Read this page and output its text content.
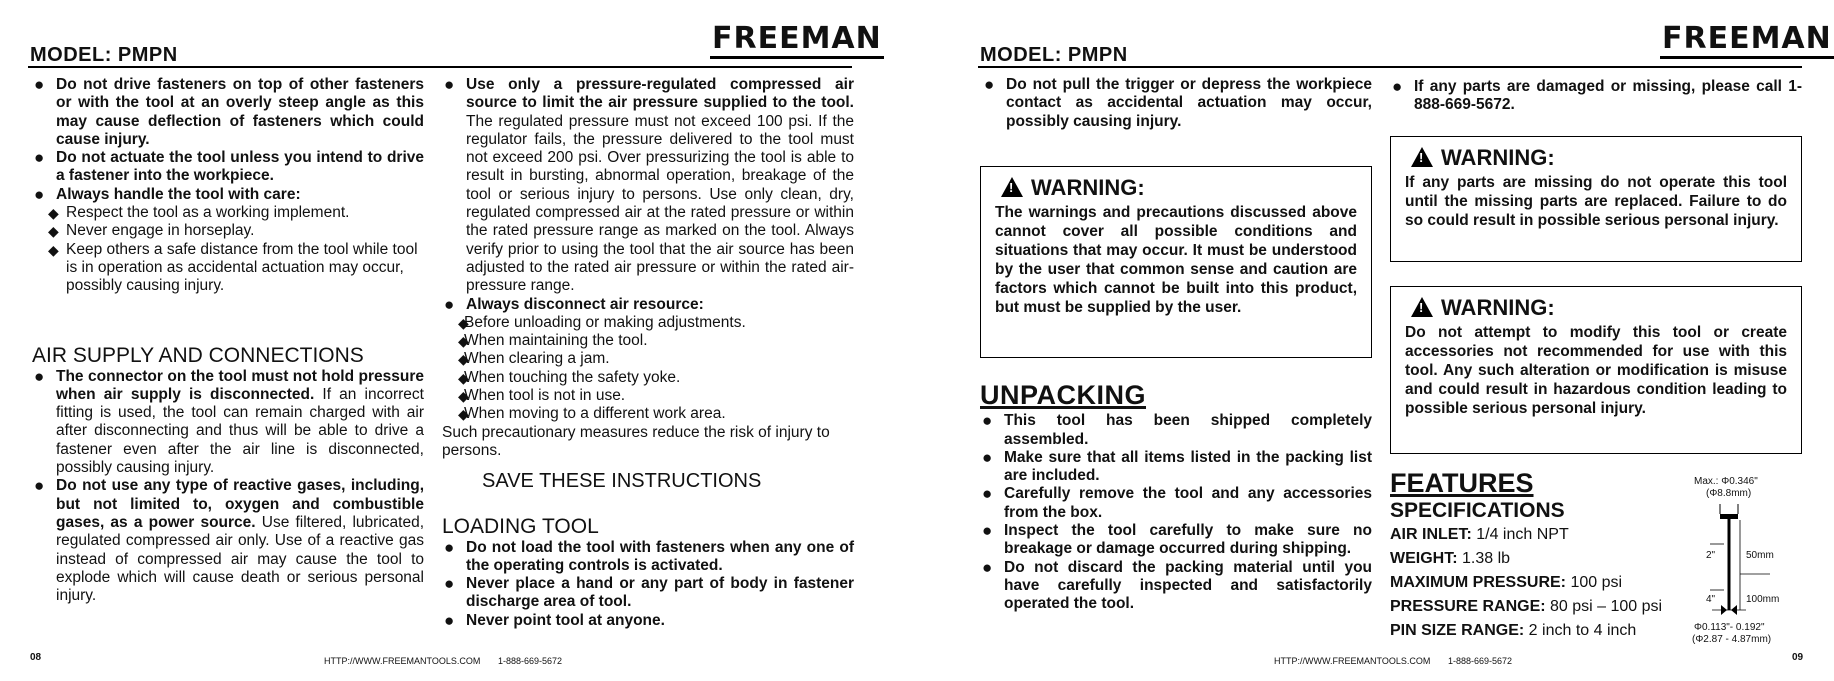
MODEL: PMPN	FREEMAN

● Do not drive fasteners on top of other fasteners or with the tool at an overly steep angle as this may cause deflection of fasteners which could cause injury.

● Do not actuate the tool unless you intend to drive a fastener into the workpiece.

● Always handle the tool with care:

◆ Respect the tool as a working implement.

◆ Never engage in horseplay.

◆ Keep others a safe distance from the tool while tool is in operation as accidental actuation may occur, possibly causing injury.

AIR SUPPLY AND CONNECTIONS

● The connector on the tool must not hold pressure when air supply is disconnected. If an incorrect fitting is used, the tool can remain charged with air after disconnecting and thus will be able to drive a fastener even after the air line is disconnected, possibly causing injury.

● Do not use any type of reactive gases, including, but not limited to, oxygen and combustible gases, as a power source. Use filtered, lubricated, regulated compressed air only. Use of a reactive gas instead of compressed air may cause the tool to explode which will cause death or serious personal injury.

● Use only a pressure-regulated compressed air source to limit the air pressure supplied to the tool. The regulated pressure must not exceed 100 psi. If the regulator fails, the pressure delivered to the tool must not exceed 200 psi. Over pressurizing the tool is able to result in bursting, abnormal operation, breakage of the tool or serious injury to persons. Use only clean, dry, regulated compressed air at the rated pressure or within the rated pressure range as marked on the tool. Always verify prior to using the tool that the air source has been adjusted to the rated air pressure or within the rated air-pressure range.

● Always disconnect air resource:

◆ Before unloading or making adjustments.

◆ When maintaining the tool.

◆ When clearing a jam.

◆ When touching the safety yoke.

◆ When tool is not in use.

◆ When moving to a different work area.

Such precautionary measures reduce the risk of injury to persons.

SAVE THESE INSTRUCTIONS

LOADING TOOL

● Do not load the tool with fasteners when any one of the operating controls is activated.

● Never place a hand or any part of body in fastener discharge area of tool.

● Never point tool at anyone.

08	HTTP://WWW.FREEMANTOOLS.COM 1-888-669-5672
MODEL: PMPN	FREEMAN

● Do not pull the trigger or depress the workpiece contact as accidental actuation may occur, possibly causing injury.

! WARNING:

The warnings and precautions discussed above cannot cover all possible conditions and situations that may occur. It must be understood by the user that common sense and caution are factors which cannot be built into this product, but must be supplied by the user.

UNPACKING

● This tool has been shipped completely assembled.

● Make sure that all items listed in the packing list are included.

● Carefully remove the tool and any accessories from the box.

● Inspect the tool carefully to make sure no breakage or damage occurred during shipping.

● Do not discard the packing material until you have carefully inspected and satisfactorily operated the tool.

● If any parts are damaged or missing, please call 1-888-669-5672.

! WARNING:

If any parts are missing do not operate this tool until the missing parts are replaced. Failure to do so could result in possible serious personal injury.

! WARNING:

Do not attempt to modify this tool or create accessories not recommended for use with this tool. Any such alteration or modification is misuse and could result in hazardous condition leading to possible serious personal injury.

FEATURES

SPECIFICATIONS

AIR INLET: 1/4 inch NPT

WEIGHT: 1.38 lb

MAXIMUM PRESSURE: 100 psi

PRESSURE RANGE: 80 psi – 100 psi

PIN SIZE RANGE: 2 inch to 4 inch

Max.: Φ0.346"
(Φ8.8mm)
2"	50mm
4"	100mm
Φ0.113"- 0.192"
(Φ2.87 - 4.87mm)
HTTP://WWW.FREEMANTOOLS.COM 1-888-669-5672	09
